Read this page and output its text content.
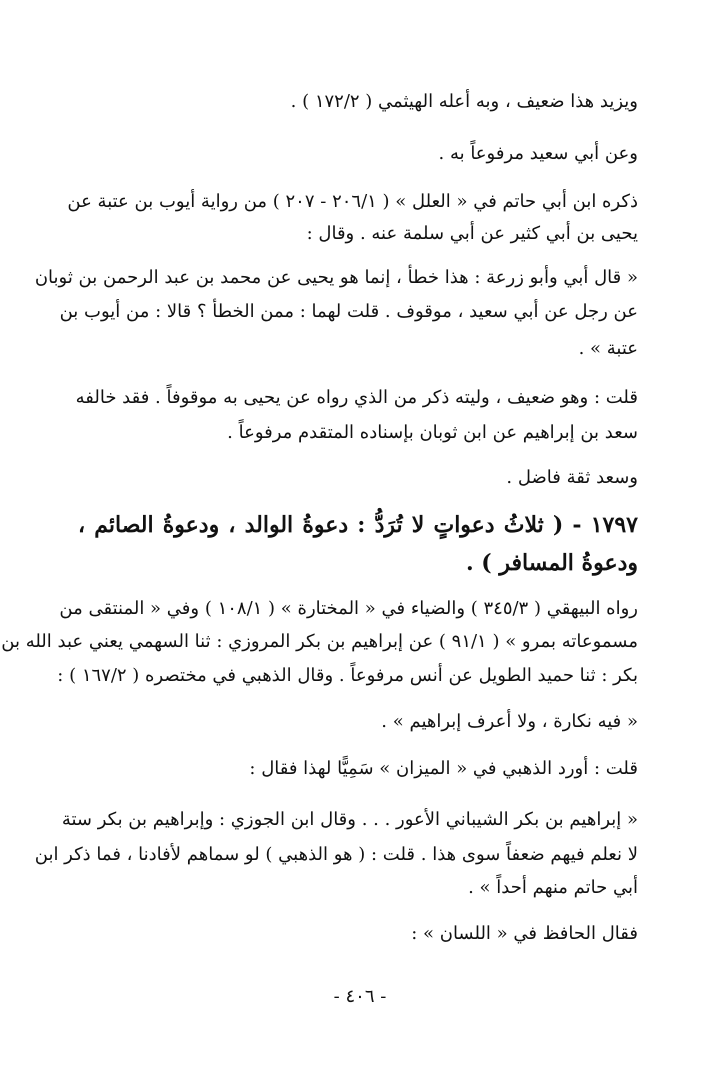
ويزيد هذا ضعيف ، وبه أعله الهيثمي ( ١٧٢/٢ ) .
وعن أبي سعيد مرفوعاً به .
ذكره ابن أبي حاتم في « العلل » ( ٢٠٦/١ - ٢٠٧ ) من رواية أيوب بن عتبة عن
يحيى بن أبي كثير عن أبي سلمة عنه . وقال :
« قال أبي وأبو زرعة : هذا خطأ ، إنما هو يحيى عن محمد بن عبد الرحمن بن ثوبان
عن رجل عن أبي سعيد ، موقوف . قلت لهما : ممن الخطأ ؟ قالا : من أيوب بن
عتبة » .
قلت : وهو ضعيف ، وليته ذكر من الذي رواه عن يحيى به موقوفاً . فقد خالفه
سعد بن إبراهيم عن ابن ثوبان بإسناده المتقدم مرفوعاً .
وسعد ثقة فاضل .
١٧٩٧ - ( ثلاثُ دعواتٍ لا تُرَدُّ : دعوةُ الوالد ، ودعوةُ الصائم ،
ودعوةُ المسافر ) .
رواه البيهقي ( ٣٤٥/٣ ) والضياء في « المختارة » ( ١٠٨/١ ) وفي « المنتقى من
مسموعاته بمرو » ( ٩١/١ ) عن إبراهيم بن بكر المروزي : ثنا السهمي يعني عبد الله بن
بكر : ثنا حميد الطويل عن أنس مرفوعاً . وقال الذهبي في مختصره ( ١٦٧/٢ ) :
« فيه نكارة ، ولا أعرف إبراهيم » .
قلت : أورد الذهبي في « الميزان » سَمِيًّا لهذا فقال :
« إبراهيم بن بكر الشيباني الأعور . . . وقال ابن الجوزي : وإبراهيم بن بكر ستة
لا نعلم فيهم ضعفاً سوى هذا . قلت : ( هو الذهبي ) لو سماهم لأفادنا ، فما ذكر ابن
أبي حاتم منهم أحداً » .
فقال الحافظ في « اللسان » :
- ٤٠٦ -
